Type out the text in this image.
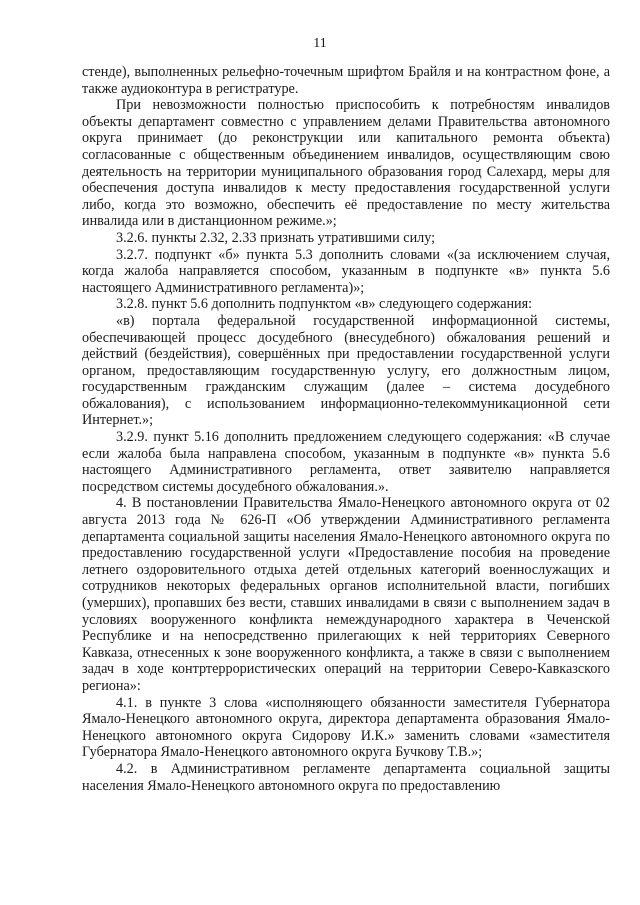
11

стенде), выполненных рельефно-точечным шрифтом Брайля и на контрастном фоне, а также аудиоконтура в регистратуре.

При невозможности полностью приспособить к потребностям инвалидов объекты департамент совместно с управлением делами Правительства автономного округа принимает (до реконструкции или капитального ремонта объекта) согласованные с общественным объединением инвалидов, осуществляющим свою деятельность на территории муниципального образования город Салехард, меры для обеспечения доступа инвалидов к месту предоставления государственной услуги либо, когда это возможно, обеспечить её предоставление по месту жительства инвалида или в дистанционном режиме.»;

3.2.6. пункты 2.32, 2.33 признать утратившими силу;

3.2.7. подпункт «б» пункта 5.3 дополнить словами «(за исключением случая, когда жалоба направляется способом, указанным в подпункте «в» пункта 5.6 настоящего Административного регламента)»;

3.2.8. пункт 5.6 дополнить подпунктом «в» следующего содержания:

«в) портала федеральной государственной информационной системы, обеспечивающей процесс досудебного (внесудебного) обжалования решений и действий (бездействия), совершённых при предоставлении государственной услуги органом, предоставляющим государственную услугу, его должностным лицом, государственным гражданским служащим (далее – система досудебного обжалования), с использованием информационно-телекоммуникационной сети Интернет.»;

3.2.9. пункт 5.16 дополнить предложением следующего содержания: «В случае если жалоба была направлена способом, указанным в подпункте «в» пункта 5.6 настоящего Административного регламента, ответ заявителю направляется посредством системы досудебного обжалования.».

4. В постановлении Правительства Ямало-Ненецкого автономного округа от 02 августа 2013 года № 626-П «Об утверждении Административного регламента департамента социальной защиты населения Ямало-Ненецкого автономного округа по предоставлению государственной услуги «Предоставление пособия на проведение летнего оздоровительного отдыха детей отдельных категорий военнослужащих и сотрудников некоторых федеральных органов исполнительной власти, погибших (умерших), пропавших без вести, ставших инвалидами в связи с выполнением задач в условиях вооруженного конфликта немеждународного характера в Чеченской Республике и на непосредственно прилегающих к ней территориях Северного Кавказа, отнесенных к зоне вооруженного конфликта, а также в связи с выполнением задач в ходе контртеррористических операций на территории Северо-Кавказского региона»:

4.1. в пункте 3 слова «исполняющего обязанности заместителя Губернатора Ямало-Ненецкого автономного округа, директора департамента образования Ямало-Ненецкого автономного округа Сидорову И.К.» заменить словами «заместителя Губернатора Ямало-Ненецкого автономного округа Бучкову Т.В.»;

4.2. в Административном регламенте департамента социальной защиты населения Ямало-Ненецкого автономного округа по предоставлению
